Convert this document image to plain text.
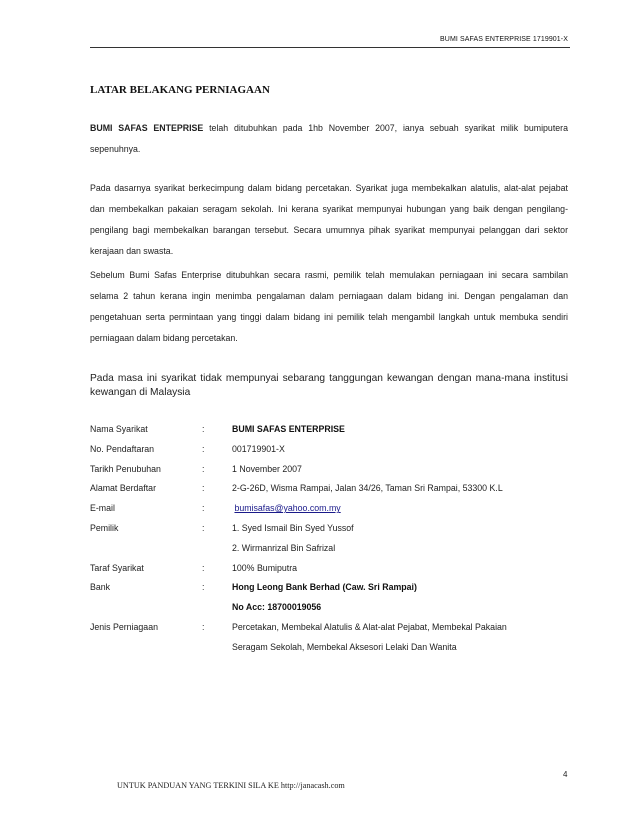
BUMI SAFAS ENTERPRISE 1719901-X
LATAR BELAKANG PERNIAGAAN
BUMI SAFAS ENTEPRISE telah ditubuhkan pada 1hb November 2007, ianya sebuah syarikat milik bumiputera sepenuhnya.
Pada dasarnya syarikat berkecimpung dalam bidang percetakan. Syarikat juga membekalkan alatulis, alat-alat pejabat dan membekalkan pakaian seragam sekolah. Ini kerana syarikat mempunyai hubungan yang baik dengan pengilang-pengilang bagi membekalkan barangan tersebut. Secara umumnya pihak syarikat mempunyai pelanggan dari sektor kerajaan dan swasta.
Sebelum Bumi Safas Enterprise ditubuhkan secara rasmi, pemilik telah memulakan perniagaan ini secara sambilan selama 2 tahun kerana ingin menimba pengalaman dalam perniagaan dalam bidang ini. Dengan pengalaman dan pengetahuan serta permintaan yang tinggi dalam bidang ini pemilik telah mengambil langkah untuk membuka sendiri perniagaan dalam bidang percetakan.
Pada masa ini syarikat tidak mempunyai sebarang tanggungan kewangan dengan mana-mana institusi kewangan di Malaysia
Nama Syarikat	:	BUMI SAFAS ENTERPRISE
No. Pendaftaran	:	001719901-X
Tarikh Penubuhan	:	1 November 2007
Alamat Berdaftar	:	2-G-26D, Wisma Rampai, Jalan 34/26, Taman Sri Rampai, 53300 K.L
E-mail	:	bumisafas@yahoo.com.my
Pemilik	:	1. Syed Ismail Bin Syed Yussof
		2. Wirmanrizal Bin Safrizal
Taraf Syarikat	:	100% Bumiputra
Bank	:	Hong Leong Bank Berhad (Caw. Sri Rampai)
		No Acc: 18700019056
Jenis Perniagaan	:	Percetakan, Membekal Alatulis & Alat-alat Pejabat, Membekal Pakaian
		Seragam Sekolah, Membekal Aksesori Lelaki Dan Wanita
4
UNTUK PANDUAN YANG TERKINI SILA KE http://janacash.com
